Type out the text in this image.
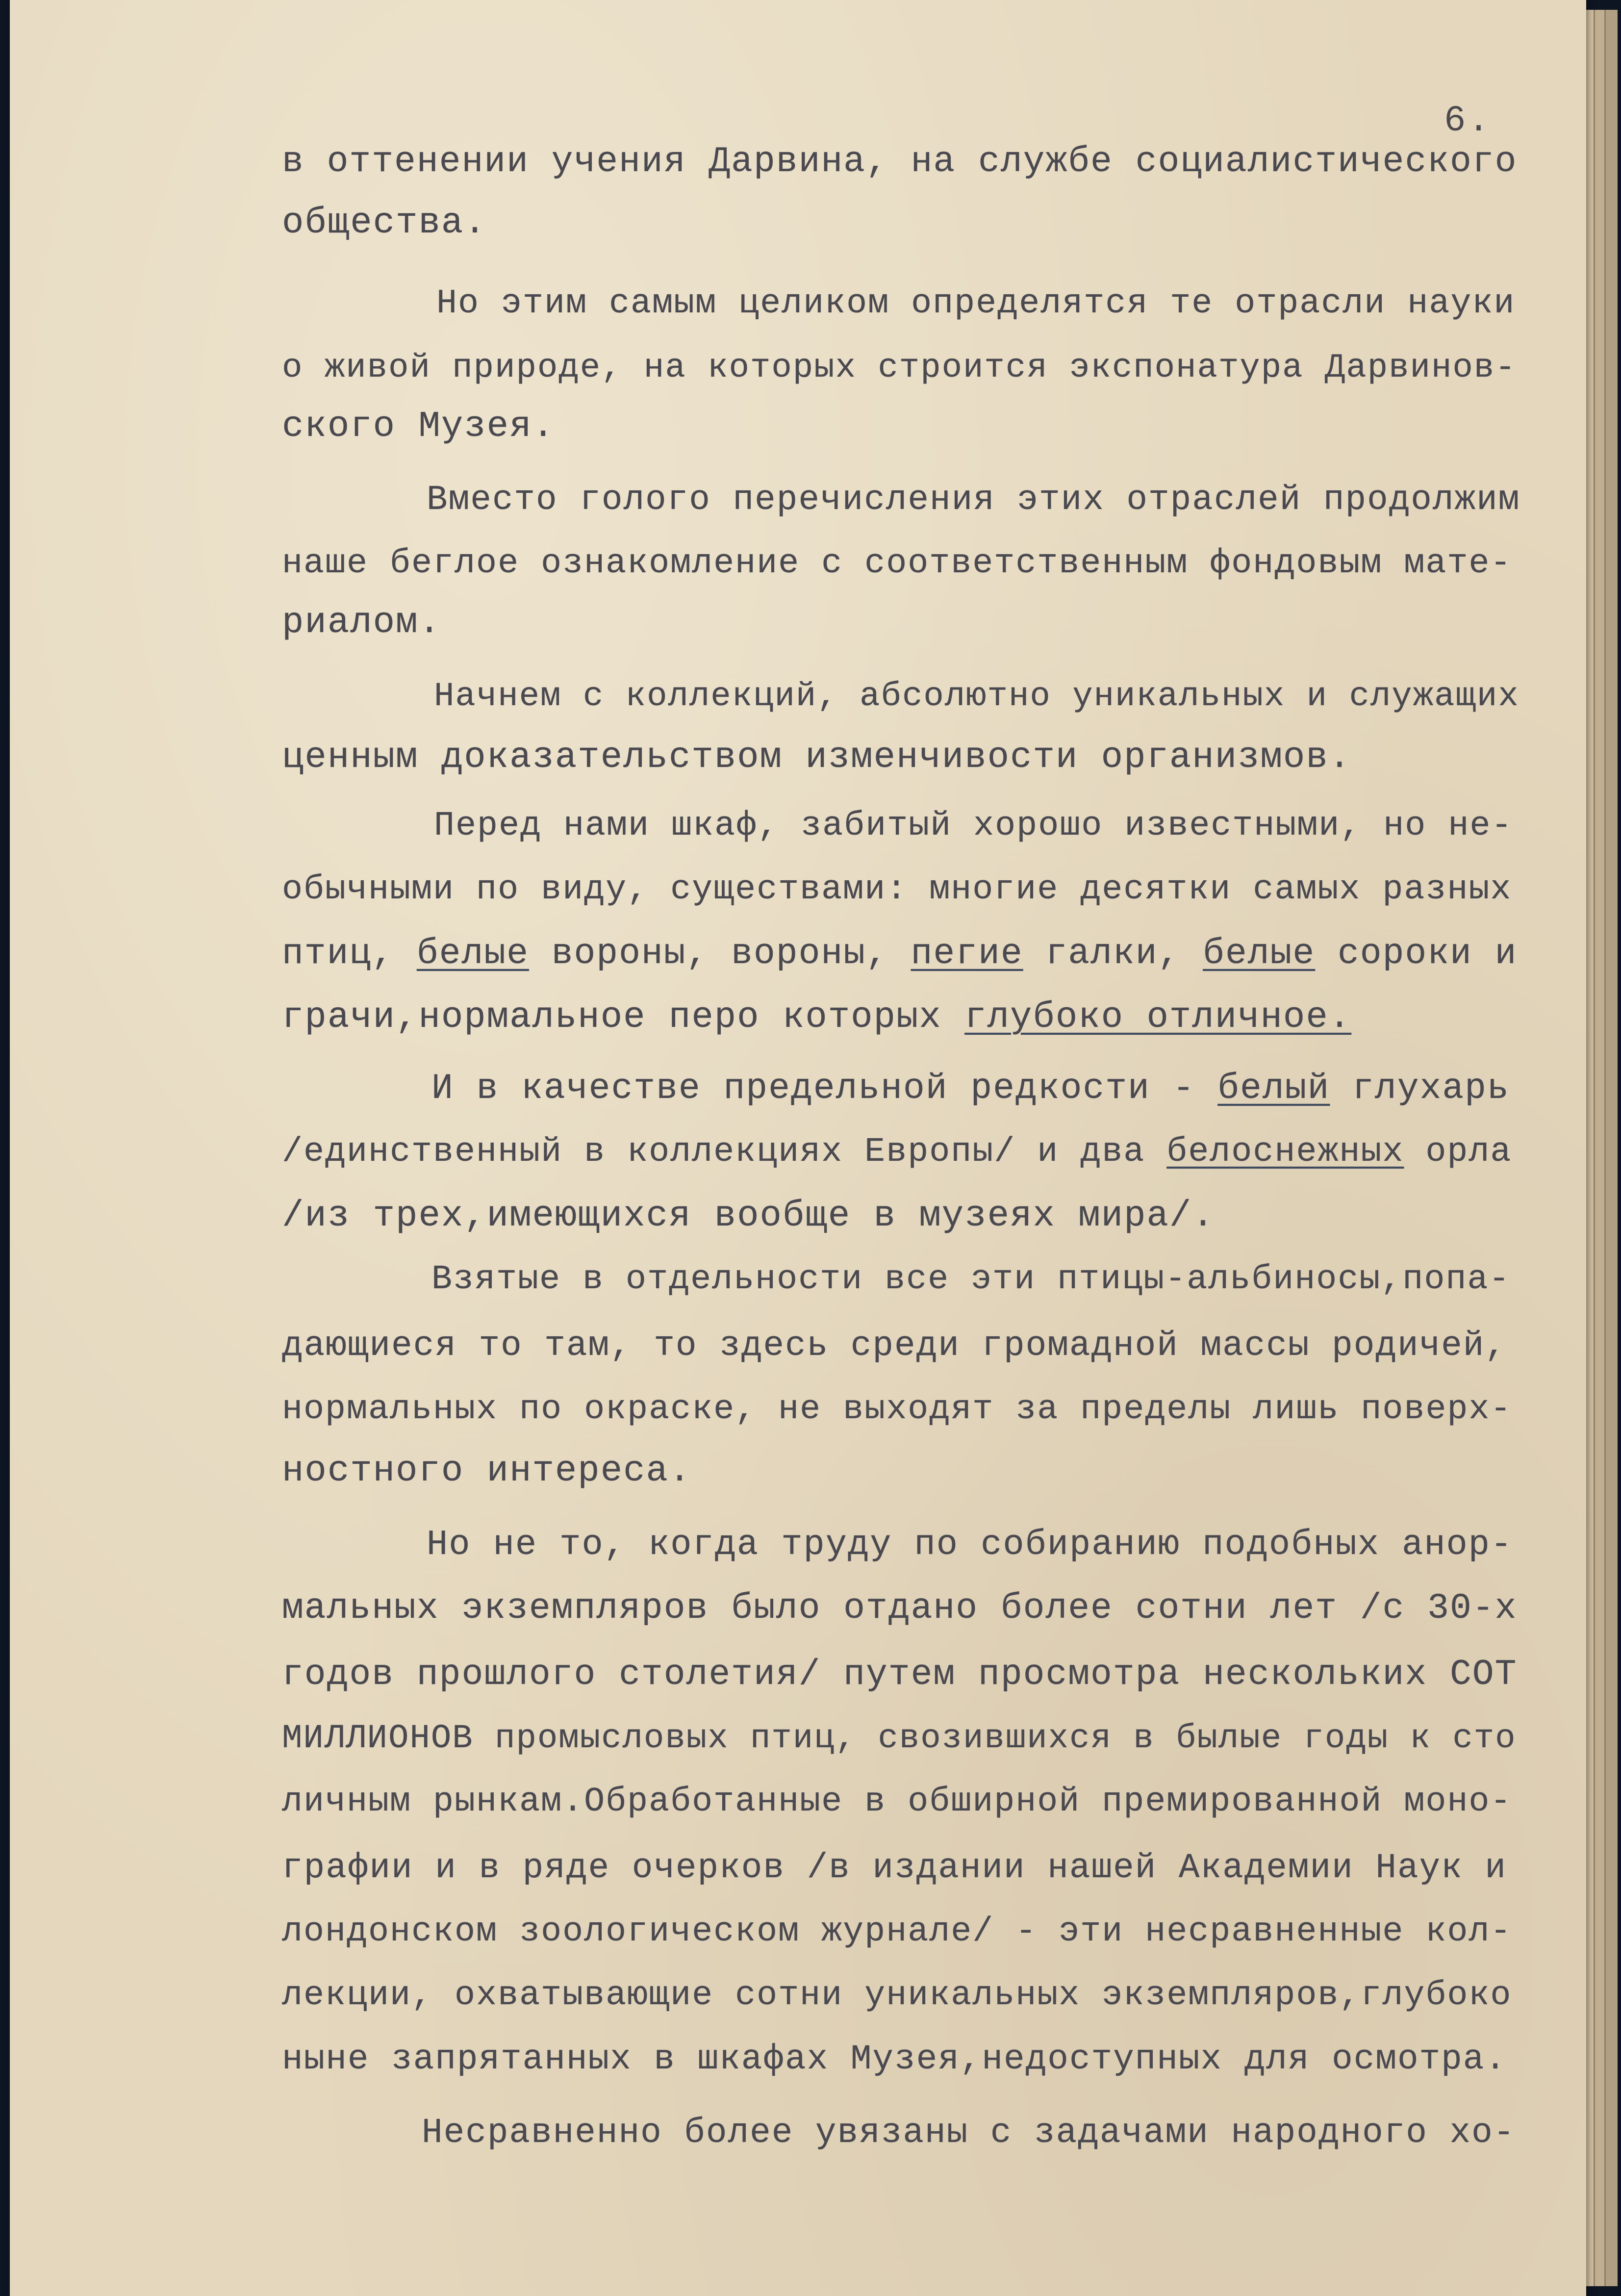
6.

в оттенении учения Дарвина, на службе социалистического

общества.

Но этим самым целиком определятся те отрасли науки

о живой природе, на которых строится экспонатура Дарвинов-

ского Музея.

Вместо голого перечисления этих отраслей продолжим

наше беглое ознакомление с соответственным фондовым мате-

риалом.

Начнем с коллекций, абсолютно уникальных и служащих

ценным доказательством изменчивости организмов.

Перед нами шкаф, забитый хорошо известными, но не-

обычными по виду, существами: многие десятки самых разных

птиц, белые вороны, вороны, пегие галки, белые сороки и

грачи,нормальное перо которых глубоко отличное.

И в качестве предельной редкости - белый глухарь

/единственный в коллекциях Европы/ и два белоснежных орла

/из трех,имеющихся вообще в музеях мира/.

Взятые в отдельности все эти птицы-альбиносы,попа-

дающиеся то там, то здесь среди громадной массы родичей,

нормальных по окраске, не выходят за пределы лишь поверх-

ностного интереса.

Но не то, когда труду по собиранию подобных анор-

мальных экземпляров было отдано более сотни лет /с 30-х

годов прошлого столетия/ путем просмотра нескольких СОТ

МИЛЛИОНОВ промысловых птиц, свозившихся в былые годы к сто

личным рынкам.Обработанные в обширной премированной моно-

графии и в ряде очерков /в издании нашей Академии Наук и

лондонском зоологическом журнале/ - эти несравненные кол-

лекции, охватывающие сотни уникальных экземпляров,глубоко

ныне запрятанных в шкафах Музея,недоступных для осмотра.

Несравненно более увязаны с задачами народного хо-
